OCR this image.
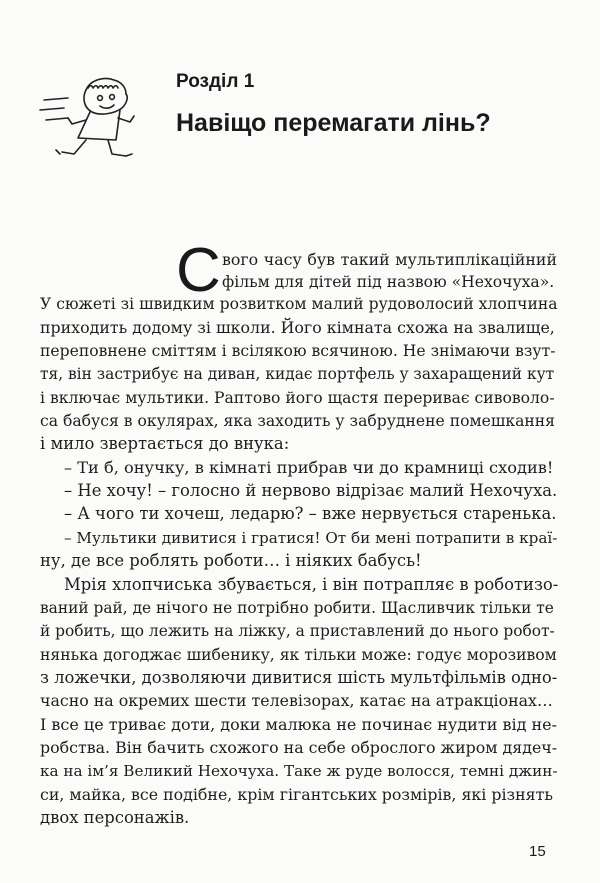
Розділ 1
Навіщо перемагати лінь?
С вого часу був такий мультиплікаційний
фільм для дітей під назвою «Нехочуха».
У сюжеті зі швидким розвитком малий рудоволосий хлопчина
приходить додому зі школи. Його кімната схожа на звалище,
переповнене сміттям і всілякою всячиною. Не знімаючи взут-
тя, він застрибує на диван, кидає портфель у захаращений кут
і включає мультики. Раптово його щастя перериває сивоволо-
са бабуся в окулярах, яка заходить у забруднене помешкання
і мило звертається до внука:
– Ти б, онучку, в кімнаті прибрав чи до крамниці сходив!
– Не хочу! – голосно й нервово відрізає малий Нехочуха.
– А чого ти хочеш, ледарю? – вже нервується старенька.
– Мультики дивитися і гратися! От би мені потрапити в краї-
ну, де все роблять роботи… і ніяких бабусь!
Мрія хлопчиська збувається, і він потрапляє в роботизо-
ваний рай, де нічого не потрібно робити. Щасливчик тільки те
й робить, що лежить на ліжку, а приставлений до нього робот-
нянька догоджає шибенику, як тільки може: годує морозивом
з ложечки, дозволяючи дивитися шість мультфільмів одно-
часно на окремих шести телевізорах, катає на атракціонах…
І все це триває доти, доки малюка не починає нудити від не-
робства. Він бачить схожого на себе оброслого жиром дядеч-
ка на ім’я Великий Нехочуха. Таке ж руде волосся, темні джин-
си, майка, все подібне, крім гігантських розмірів, які різнять
двох персонажів.
15
